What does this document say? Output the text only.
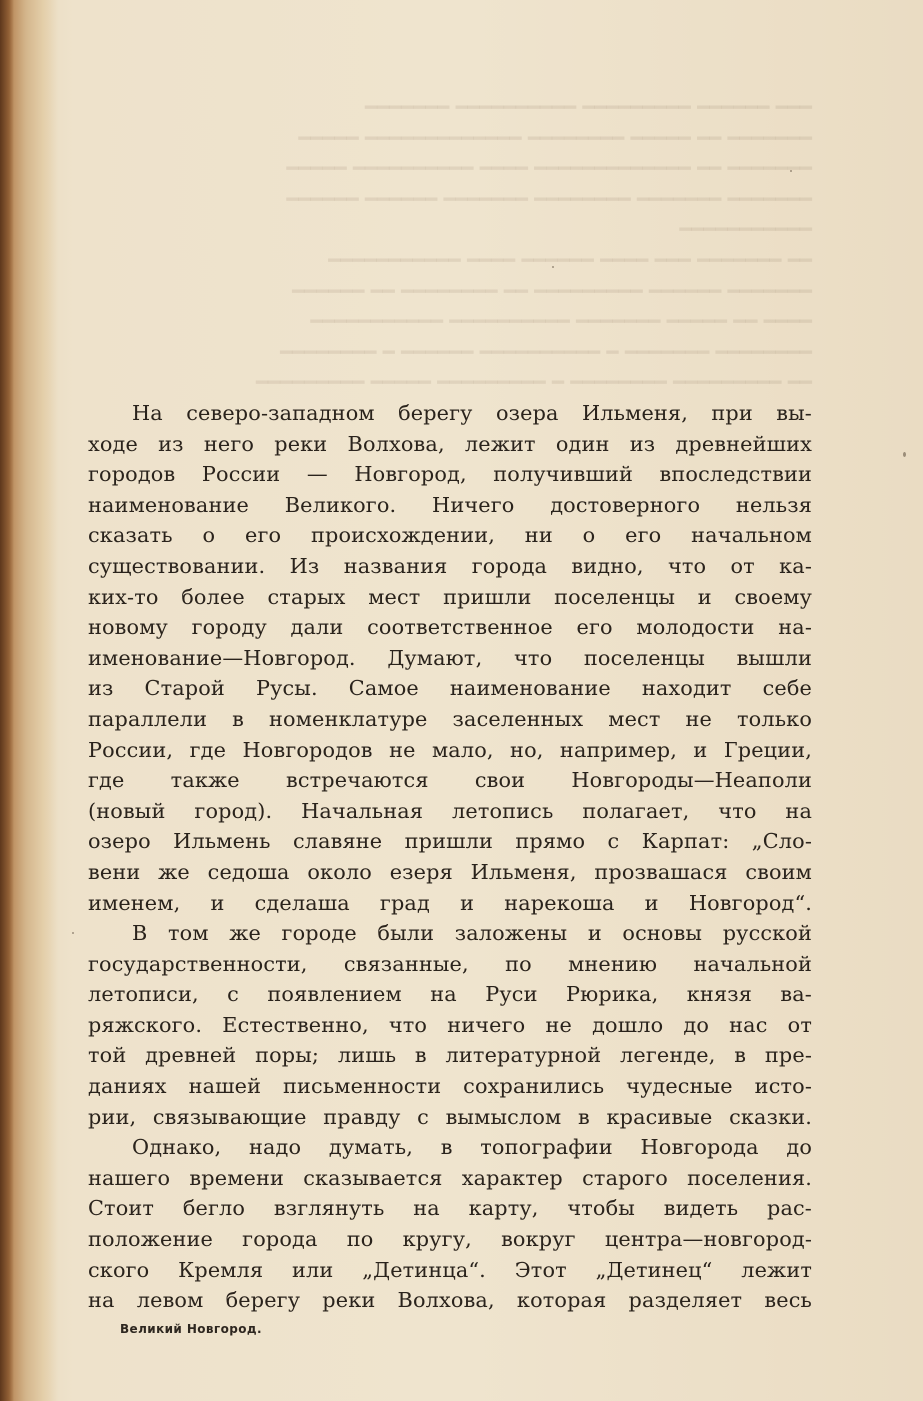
━━━ ━━━━━━ ━━━━━━━━━ ━━━━━━━━━━ ━━━━━━━
━━━━━━━ ━━ ━━━━━ ━━━━━━━━ ━━━━━━━━━━━━━ ━━━━━
━━━━━━━ ━━ ━━━━━━━━━━━━━ ━━━━ ━━━━━━━━━━ ━━━━━
━━━━━━━ ━━━━━━━ ━━━━━━━━ ━━━━━━━ ━━━━━━ ━━━━━━
━━━━━━━━━━━
━━ ━━━━━━━ ━━━ ━━━━ ━━━━━━ ━━━━ ━━━━━━━━━━━
━━━━━━━ ━━━━━━ ━━━━━━━━━ ━━ ━━━━━━━━ ━━ ━━━━━━
━━━━ ━━ ━━━━━ ━━━━━━━ ━━━━━━━━━━ ━━━━━━━━━━━
━━━━━━━━ ━━━━━━━ ━ ━━━━━━━━━━ ━━━━━━ ━ ━━━━━━━━
━━ ━━━━━━━━━ ━━━━━━━━ ━ ━━━━━━━━━ ━━━━━ ━━━━━━━━━
На северо-западном берегу озера Ильменя, при вы-
ходе из него реки Волхова, лежит один из древнейших
городов России — Новгород, получивший впоследствии
наименование Великого. Ничего достоверного нельзя
сказать о его происхождении, ни о его начальном
существовании. Из названия города видно, что от ка-
ких-то более старых мест пришли поселенцы и своему
новому городу дали соответственное его молодости на-
именование—Новгород. Думают, что поселенцы вышли
из Старой Русы. Самое наименование находит себе
параллели в номенклатуре заселенных мест не только
России, где Новгородов не мало, но, например, и Греции,
где также встречаются свои Новгороды—Неаполи
(новый город). Начальная летопись полагает, что на
озеро Ильмень славяне пришли прямо с Карпат: „Сло-
вени же седоша около езеря Ильменя, прозвашася своим
именем, и сделаша град и нарекоша и Новгород“.
В том же городе были заложены и основы русской
государственности, связанные, по мнению начальной
летописи, с появлением на Руси Рюрика, князя ва-
ряжского. Естественно, что ничего не дошло до нас от
той древней поры; лишь в литературной легенде, в пре-
даниях нашей письменности сохранились чудесные исто-
рии, связывающие правду с вымыслом в красивые сказки.
Однако, надо думать, в топографии Новгорода до
нашего времени сказывается характер старого поселения.
Стоит бегло взглянуть на карту, чтобы видеть рас-
положение города по кругу, вокруг центра—новгород-
ского Кремля или „Детинца“. Этот „Детинец“ лежит
на левом берегу реки Волхова, которая разделяет весь
Великий Новгород.
